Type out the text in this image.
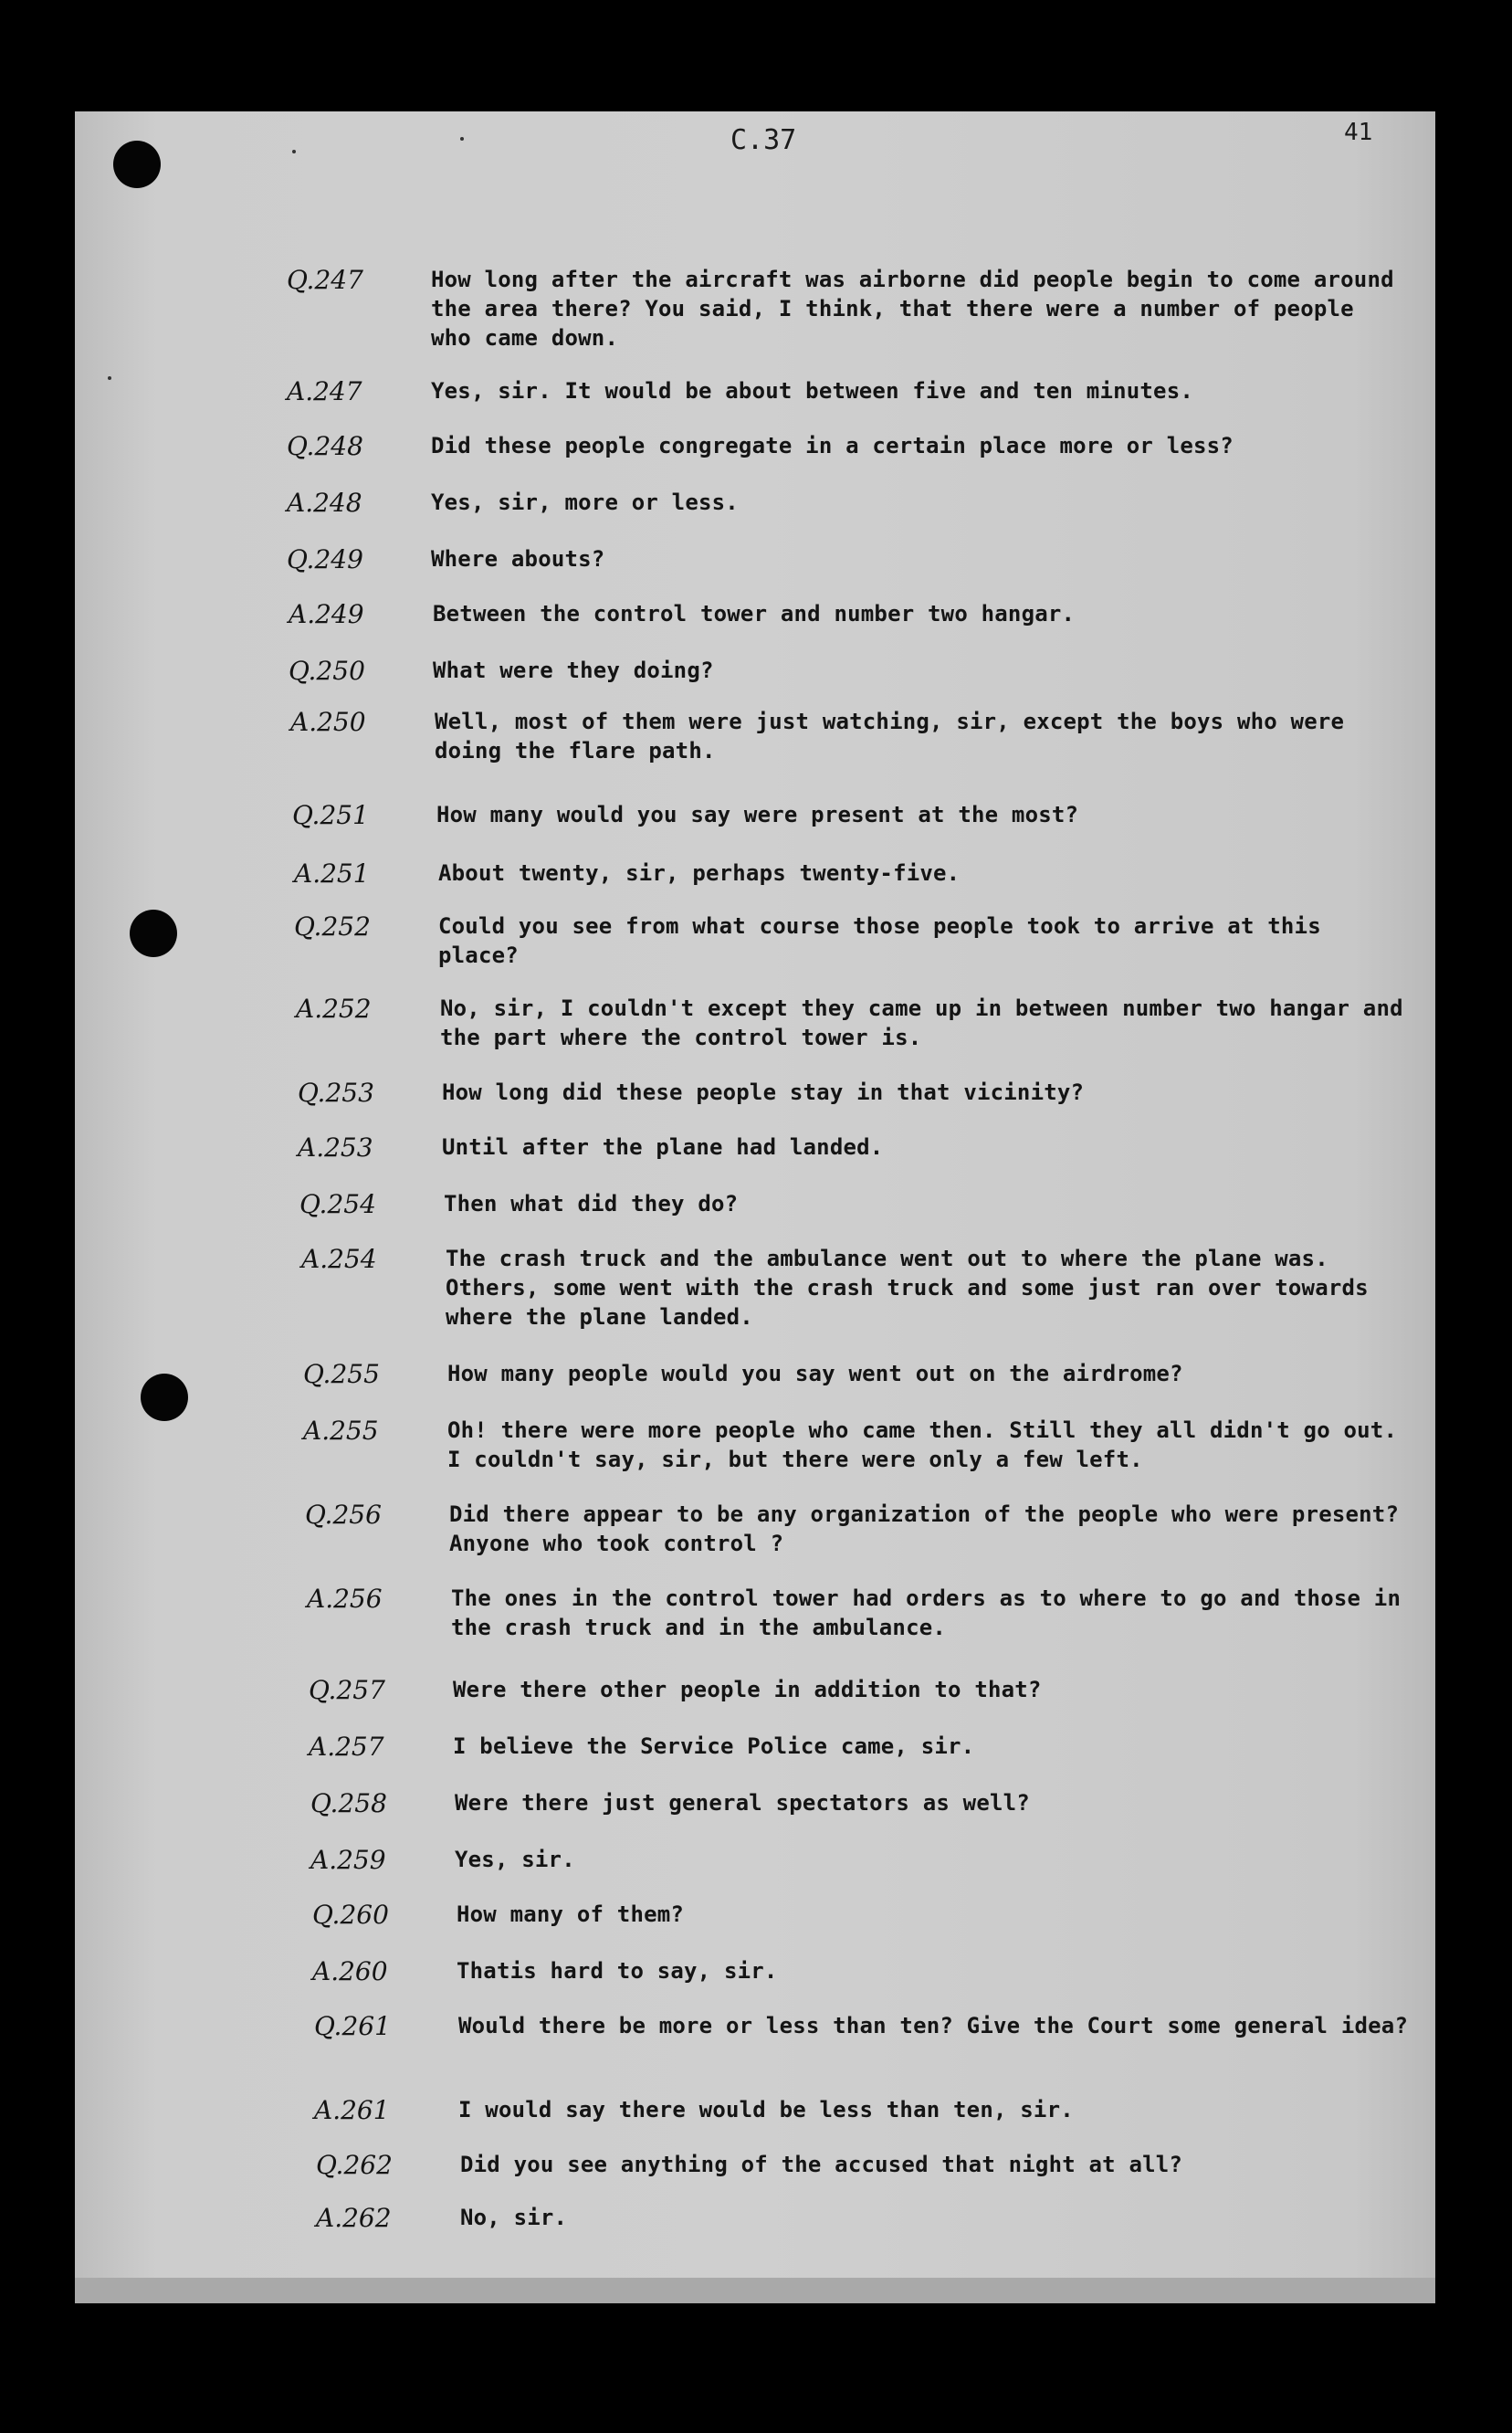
C.37	41
Q.247	How long after the aircraft was airborne did people begin to come around the area there? You said, I think, that there were a number of people who came down.
A.247	Yes, sir. It would be about between five and ten minutes.
Q.248	Did these people congregate in a certain place more or less?
A.248	Yes, sir, more or less.
Q.249	Where abouts?
A.249	Between the control tower and number two hangar.
Q.250	What were they doing?
A.250	Well, most of them were just watching, sir, except the boys who were doing the flare path.
Q.251	How many would you say were present at the most?
A.251	About twenty, sir, perhaps twenty-five.
Q.252	Could you see from what course those people took to arrive at this place?
A.252	No, sir, I couldn't except they came up in between number two hangar and the part where the control tower is.
Q.253	How long did these people stay in that vicinity?
A.253	Until after the plane had landed.
Q.254	Then what did they do?
A.254	The crash truck and the ambulance went out to where the plane was. Others, some went with the crash truck and some just ran over towards where the plane landed.
Q.255	How many people would you say went out on the airdrome?
A.255	Oh! there were more people who came then. Still they all didn't go out. I couldn't say, sir, but there were only a few left.
Q.256	Did there appear to be any organization of the people who were present? Anyone who took control ?
A.256	The ones in the control tower had orders as to where to go and those in the crash truck and in the ambulance.
Q.257	Were there other people in addition to that?
A.257	I believe the Service Police came, sir.
Q.258	Were there just general spectators as well?
A.259	Yes, sir.
Q.260	How many of them?
A.260	Thatis hard to say, sir.
Q.261	Would there be more or less than ten? Give the Court some general idea?
A.261	I would say there would be less than ten, sir.
Q.262	Did you see anything of the accused that night at all?
A.262	No, sir.
